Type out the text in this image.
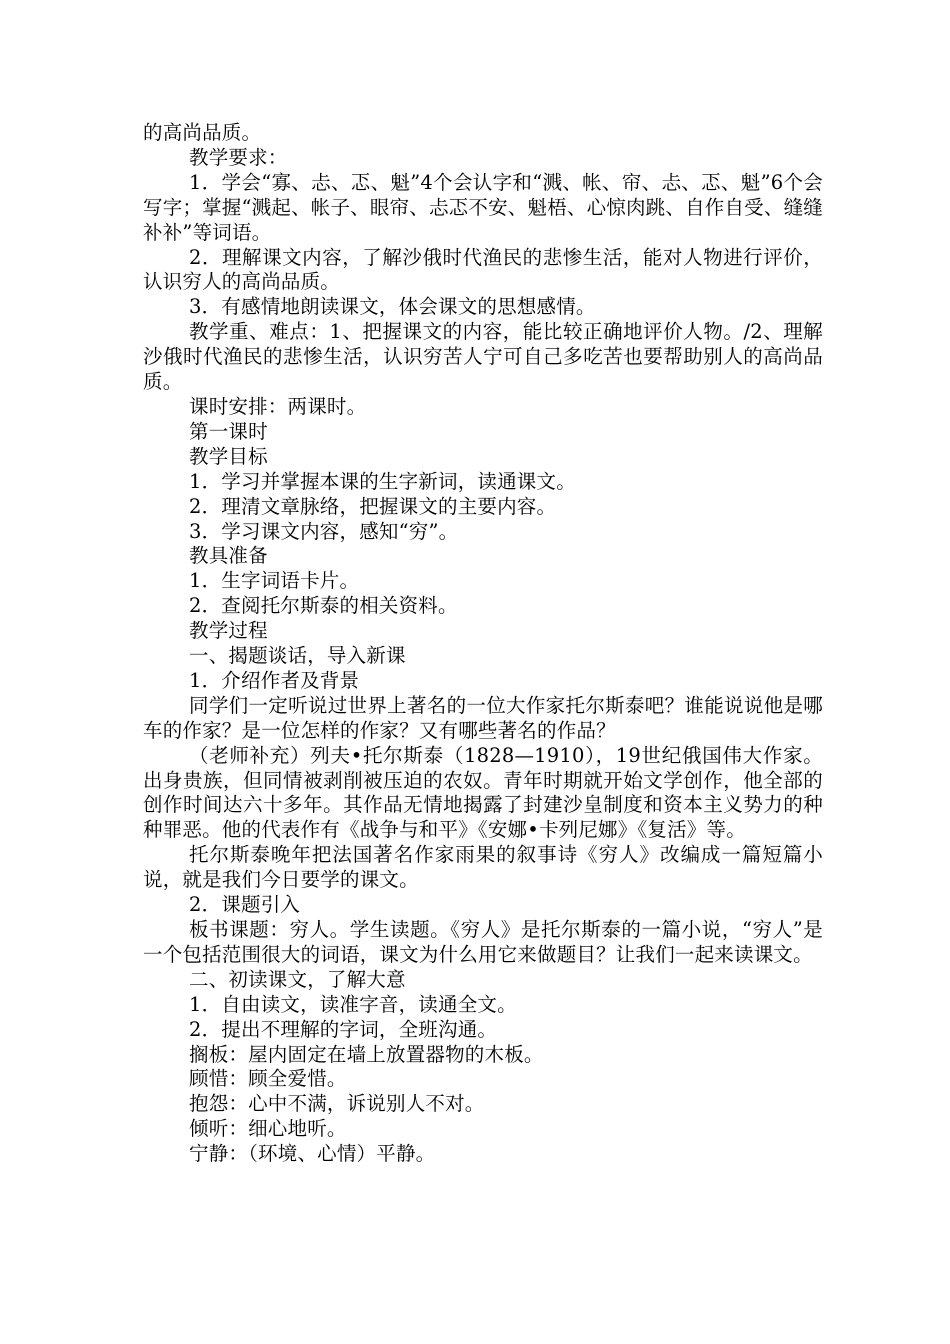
的高尚品质。

教学要求：

1．学会“寡、忐、忑、魁”4个会认字和“溅、帐、帘、忐、忑、魁”6个会写字；掌握“溅起、帐子、眼帘、忐忑不安、魁梧、心惊肉跳、自作自受、缝缝补补”等词语。

2．理解课文内容，了解沙俄时代渔民的悲惨生活，能对人物进行评价，认识穷人的高尚品质。

3．有感情地朗读课文，体会课文的思想感情。

教学重、难点：1、把握课文的内容，能比较正确地评价人物。/2、理解沙俄时代渔民的悲惨生活，认识穷苦人宁可自己多吃苦也要帮助别人的高尚品质。

课时安排：两课时。

第一课时

教学目标

1．学习并掌握本课的生字新词，读通课文。

2．理清文章脉络，把握课文的主要内容。

3．学习课文内容，感知“穷”。

教具准备

1．生字词语卡片。

2．查阅托尔斯泰的相关资料。

教学过程

一、揭题谈话，导入新课

1．介绍作者及背景

同学们一定听说过世界上著名的一位大作家托尔斯泰吧？谁能说说他是哪车的作家？是一位怎样的作家？又有哪些著名的作品？

（老师补充）列夫•托尔斯泰（1828—1910），19世纪俄国伟大作家。出身贵族，但同情被剥削被压迫的农奴。青年时期就开始文学创作，他全部的创作时间达六十多年。其作品无情地揭露了封建沙皇制度和资本主义势力的种种罪恶。他的代表作有《战争与和平》《安娜•卡列尼娜》《复活》等。

托尔斯泰晚年把法国著名作家雨果的叙事诗《穷人》改编成一篇短篇小说，就是我们今日要学的课文。

2．课题引入

板书课题：穷人。学生读题。《穷人》是托尔斯泰的一篇小说，“穷人”是一个包括范围很大的词语，课文为什么用它来做题目？让我们一起来读课文。

二、初读课文，了解大意

1．自由读文，读准字音，读通全文。

2．提出不理解的字词，全班沟通。

搁板：屋内固定在墙上放置器物的木板。

顾惜：顾全爱惜。

抱怨：心中不满，诉说别人不对。

倾听：细心地听。

宁静：（环境、心情）平静。
